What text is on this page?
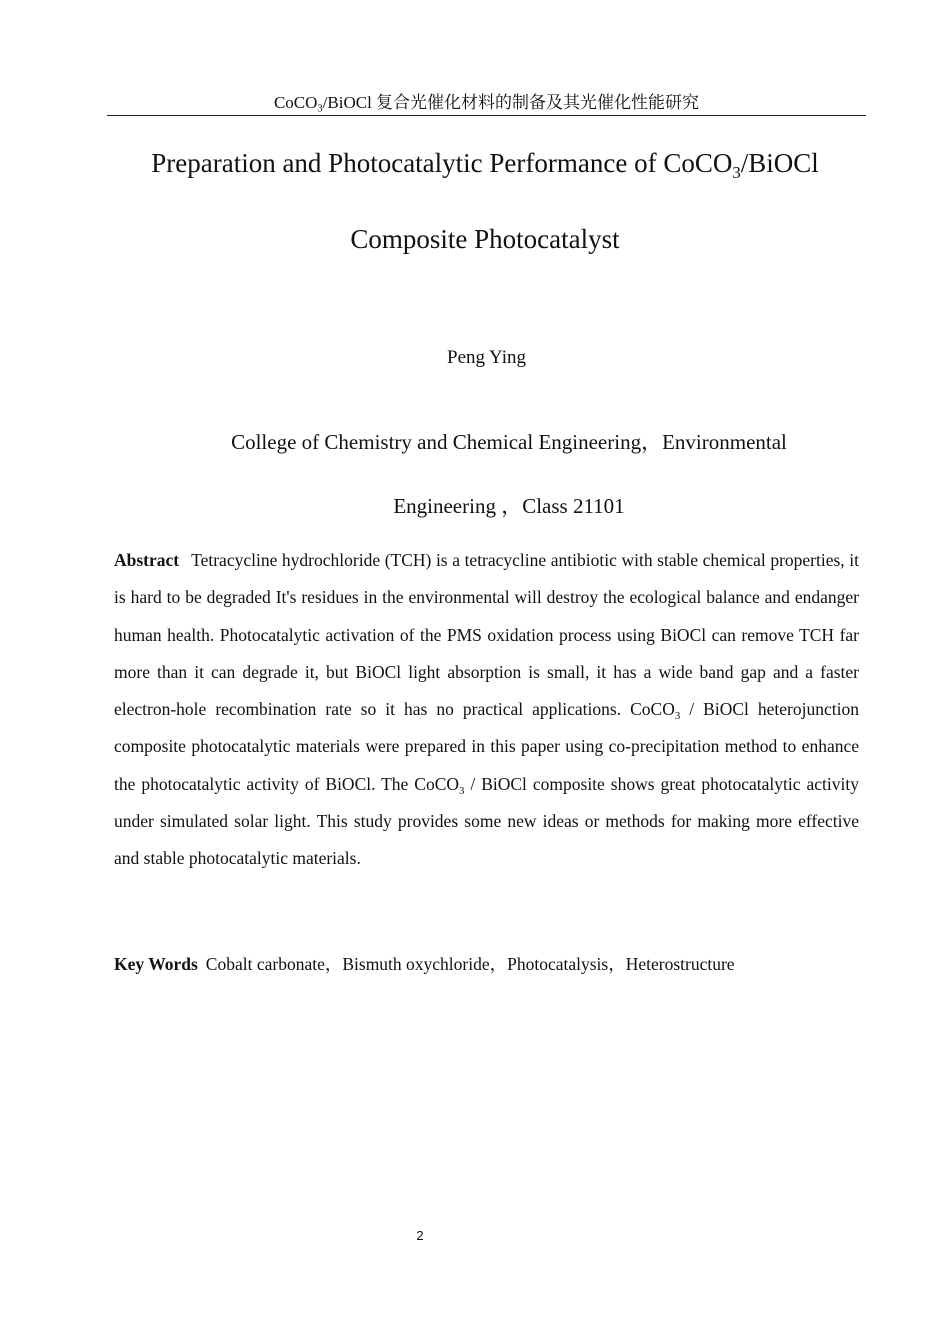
CoCO$_3$/BiOCl 复合光催化材料的制备及其光催化性能研究
Preparation and Photocatalytic Performance of CoCO$_3$/BiOCl
Composite Photocatalyst
Peng Ying
College of Chemistry and Chemical Engineering，Environmental
Engineering ，Class 21101

Abstract Tetracycline hydrochloride (TCH) is a tetracycline antibiotic with stable chemical properties, it is hard to be degraded It's residues in the environmental will destroy the ecological balance and endanger human health. Photocatalytic activation of the PMS oxidation process using BiOCl can remove TCH far more than it can degrade it, but BiOCl light absorption is small, it has a wide band gap and a faster electron-hole recombination rate so it has no practical applications. CoCO$_3$ / BiOCl heterojunction composite photocatalytic materials were prepared in this paper using co-precipitation method to enhance the photocatalytic activity of BiOCl. The CoCO$_3$ / BiOCl composite shows great photocatalytic activity under simulated solar light. This study provides some new ideas or methods for making more effective and stable photocatalytic materials.

Key Words Cobalt carbonate，Bismuth oxychloride，Photocatalysis，Heterostructure

2
